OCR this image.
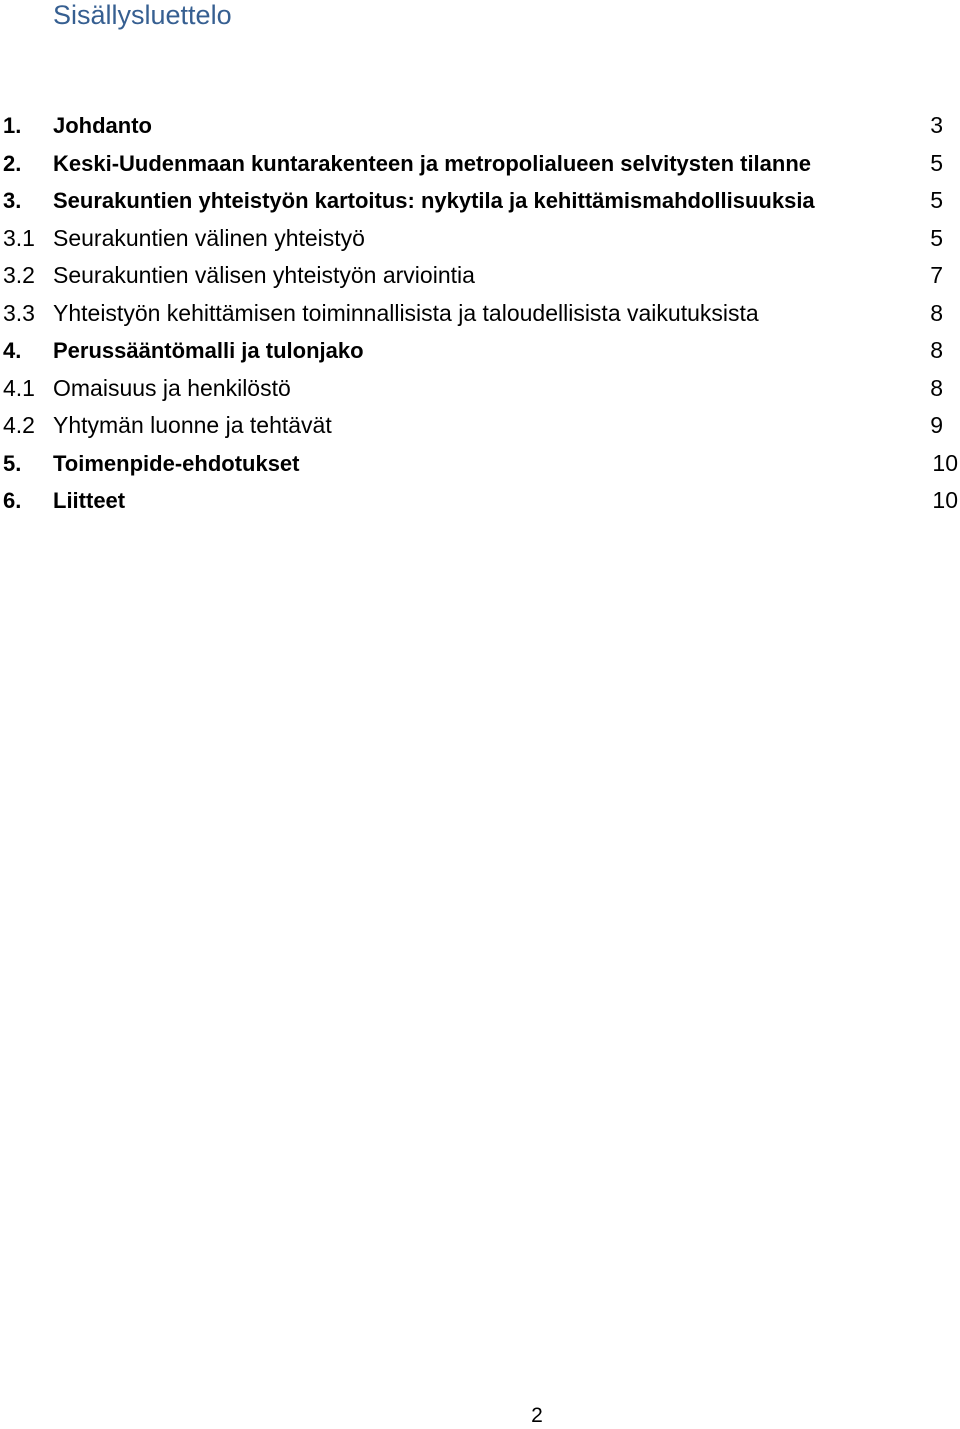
Sisällysluettelo
1. Johdanto	3
2. Keski-Uudenmaan kuntarakenteen ja metropolialueen selvitysten tilanne	5
3. Seurakuntien yhteistyön kartoitus: nykytila ja kehittämismahdollisuuksia	5
3.1 Seurakuntien välinen yhteistyö	5
3.2 Seurakuntien välisen yhteistyön arviointia	7
3.3 Yhteistyön kehittämisen toiminnallisista ja taloudellisista vaikutuksista	8
4. Perussääntömalli ja tulonjako	8
4.1 Omaisuus ja henkilöstö	8
4.2 Yhtymän luonne ja tehtävät	9
5. Toimenpide-ehdotukset	10
6. Liitteet	10
2
